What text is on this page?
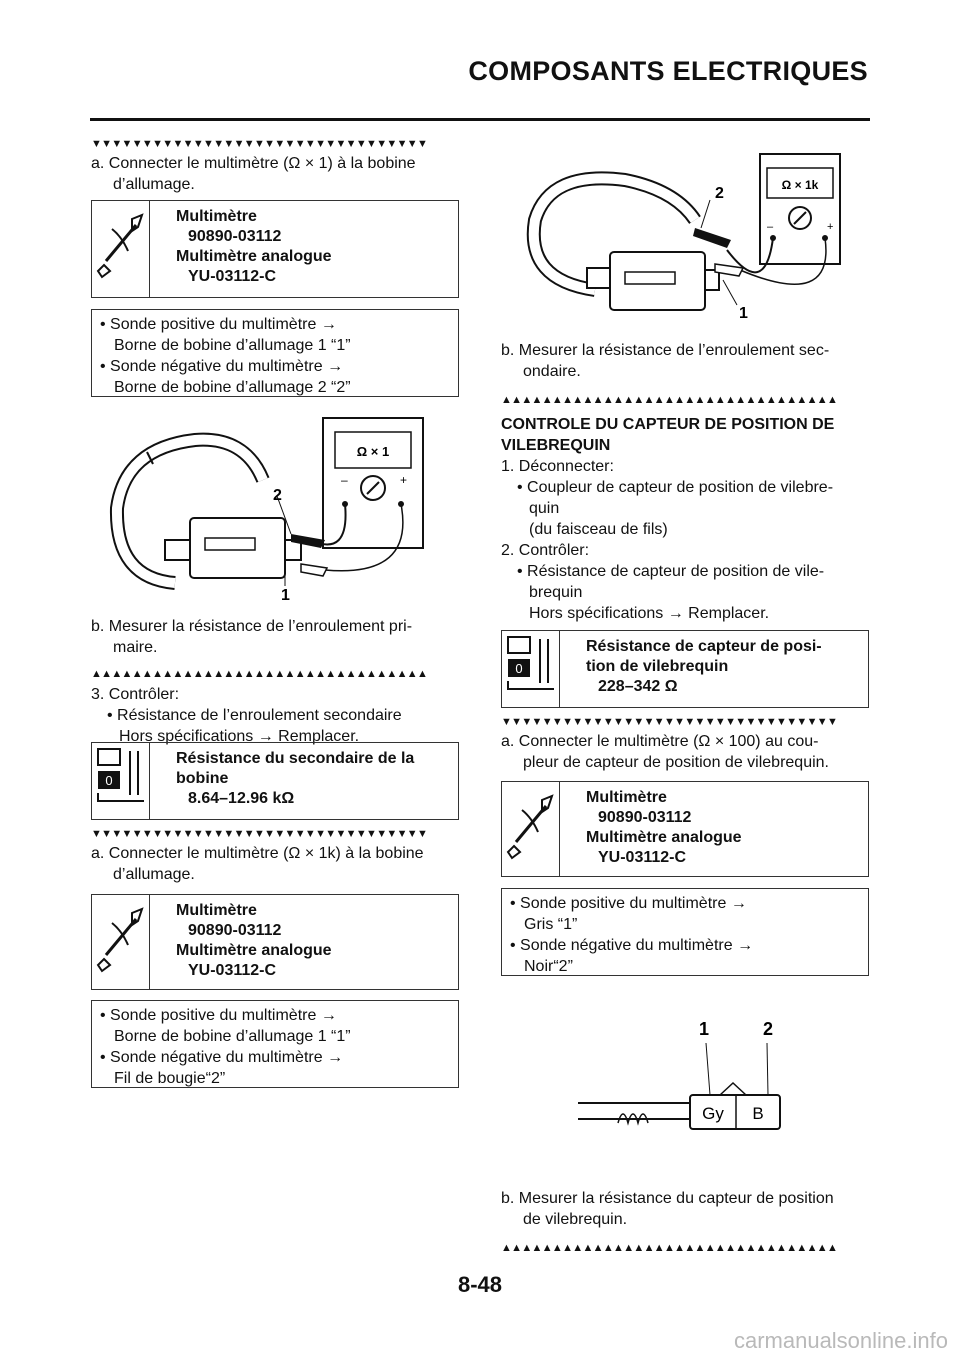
COMPOSANTS ELECTRIQUES
▼▼▼▼▼▼▼▼▼▼▼▼▼▼▼▼▼▼▼▼▼▼▼▼▼▼▼▼▼▼▼▼▼
a. Connecter le multimètre (Ω × 1) à la bobine
d’allumage.
Multimètre
90890-03112
Multimètre analogue
YU-03112-C
• Sonde positive du multimètre →
Borne de bobine d’allumage 1 “1”
• Sonde négative du multimètre →
Borne de bobine d’allumage 2 “2”
Ω × 1
–	+
2
1
b. Mesurer la résistance de l’enroulement pri-
maire.
▲▲▲▲▲▲▲▲▲▲▲▲▲▲▲▲▲▲▲▲▲▲▲▲▲▲▲▲▲▲▲▲▲
3. Contrôler:
• Résistance de l’enroulement secondaire
Hors spécifications → Remplacer.
0
Résistance du secondaire de la
bobine
8.64–12.96 kΩ
▼▼▼▼▼▼▼▼▼▼▼▼▼▼▼▼▼▼▼▼▼▼▼▼▼▼▼▼▼▼▼▼▼
a. Connecter le multimètre (Ω × 1k) à la bobine
d’allumage.
Multimètre
90890-03112
Multimètre analogue
YU-03112-C
• Sonde positive du multimètre →
Borne de bobine d’allumage 1 “1”
• Sonde négative du multimètre →
Fil de bougie“2”
Ω × 1k
–	+
2
1
b. Mesurer la résistance de l’enroulement sec-
ondaire.
▲▲▲▲▲▲▲▲▲▲▲▲▲▲▲▲▲▲▲▲▲▲▲▲▲▲▲▲▲▲▲▲▲
CONTROLE DU CAPTEUR DE POSITION DE
VILEBREQUIN
1. Déconnecter:
• Coupleur de capteur de position de vilebre-
quin
(du faisceau de fils)
2. Contrôler:
• Résistance de capteur de position de vile-
brequin
Hors spécifications → Remplacer.
0
Résistance de capteur de posi-
tion de vilebrequin
228–342 Ω
▼▼▼▼▼▼▼▼▼▼▼▼▼▼▼▼▼▼▼▼▼▼▼▼▼▼▼▼▼▼▼▼▼
a. Connecter le multimètre (Ω × 100) au cou-
pleur de capteur de position de vilebrequin.
Multimètre
90890-03112
Multimètre analogue
YU-03112-C
• Sonde positive du multimètre →
Gris “1”
• Sonde négative du multimètre →
Noir“2”
1	2
Gy B
b. Mesurer la résistance du capteur de position
de vilebrequin.
▲▲▲▲▲▲▲▲▲▲▲▲▲▲▲▲▲▲▲▲▲▲▲▲▲▲▲▲▲▲▲▲▲
8-48
carmanualsonline.info
